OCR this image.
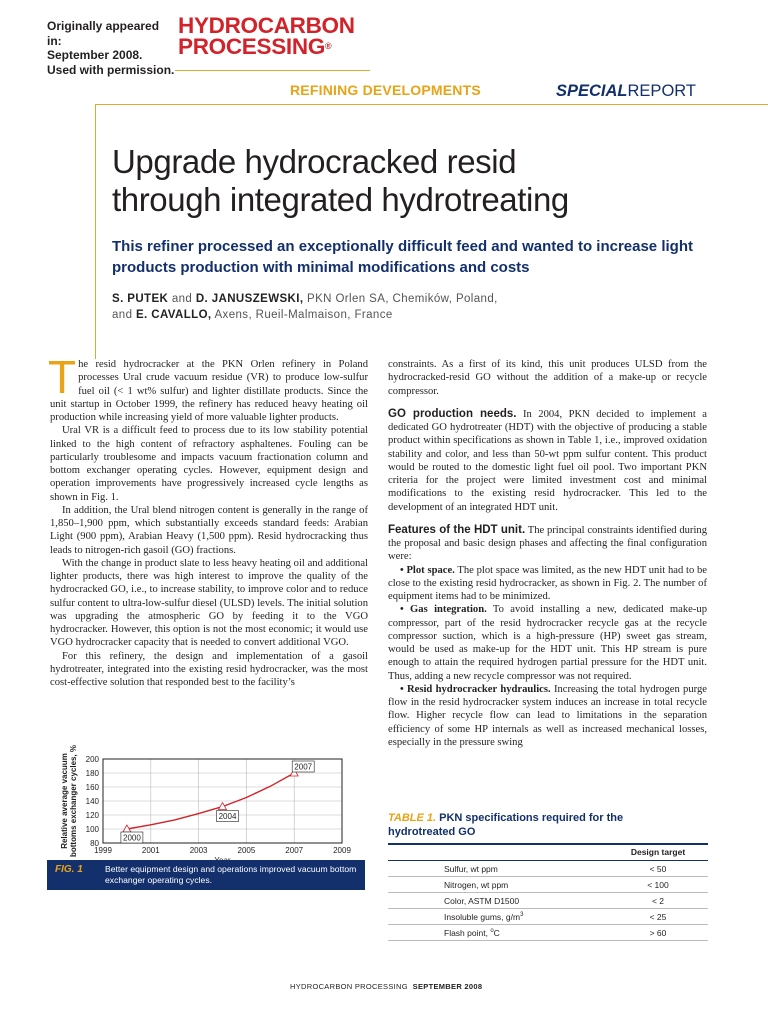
Originally appeared in:
September 2008.
Used with permission.
HYDROCARBON
PROCESSING®
REFINING DEVELOPMENTS	SPECIALREPORT
Upgrade hydrocracked resid
through integrated hydrotreating
This refiner processed an exceptionally difficult feed and wanted to increase light products production with minimal modifications and costs
S. PUTEK and D. JANUSZEWSKI, PKN Orlen SA, Chemików, Poland,
and E. CAVALLO, Axens, Rueil-Malmaison, France

The resid hydrocracker at the PKN Orlen refinery in Poland processes Ural crude vacuum residue (VR) to produce low-sulfur fuel oil (< 1 wt% sulfur) and lighter distillate products. Since the unit startup in October 1999, the refinery has reduced heavy heating oil production while increasing yield of more valuable lighter products.

Ural VR is a difficult feed to process due to its low stability potential linked to the high content of refractory asphaltenes. Fouling can be particularly troublesome and impacts vacuum fractionation column and bottom exchanger operating cycles. However, equipment design and operation improvements have progressively increased cycle lengths as shown in Fig. 1.

In addition, the Ural blend nitrogen content is generally in the range of 1,850–1,900 ppm, which substantially exceeds standard feeds: Arabian Light (900 ppm), Arabian Heavy (1,500 ppm). Resid hydrocracking thus leads to nitrogen-rich gasoil (GO) fractions.

With the change in product slate to less heavy heating oil and additional lighter products, there was high interest to improve the quality of the hydrocracked GO, i.e., to increase stability, to improve color and to reduce sulfur content to ultra-low-sulfur diesel (ULSD) levels. The initial solution was upgrading the atmospheric GO by feeding it to the VGO hydrocracker. However, this option is not the most economic; it would use VGO hydrocracker capacity that is needed to convert additional VGO.

For this refinery, the design and implementation of a gasoil hydrotreater, integrated into the existing resid hydrocracker, was the most cost-effective solution that responded best to the facility’s

constraints. As a first of its kind, this unit produces ULSD from the hydrocracked-resid GO without the addition of a make-up or recycle compressor.

GO production needs. In 2004, PKN decided to implement a dedicated GO hydrotreater (HDT) with the objective of producing a stable product within specifications as shown in Table 1, i.e., improved oxidation stability and color, and less than 50-wt ppm sulfur content. This product would be routed to the domestic light fuel oil pool. Two important PKN criteria for the project were limited investment cost and minimal modifications to the existing resid hydrocracker. This led to the development of an integrated HDT unit.

Features of the HDT unit. The principal constraints identified during the proposal and basic design phases and affecting the final configuration were:

• Plot space. The plot space was limited, as the new HDT unit had to be close to the existing resid hydrocracker, as shown in Fig. 2. The number of equipment items had to be minimized.

• Gas integration. To avoid installing a new, dedicated make-up compressor, part of the resid hydrocracker recycle gas at the recycle compressor suction, which is a high-pressure (HP) sweet gas stream, would be used as make-up for the HDT unit. This HP stream is pure enough to attain the required hydrogen partial pressure for the HDT unit. Thus, adding a new recycle compressor was not required.

• Resid hydrocracker hydraulics. Increasing the total hydrogen purge flow in the resid hydrocracker system induces an increase in total recycle flow. Higher recycle flow can lead to limitations in the separation efficiency of some HP internals as well as increased mechanical losses, especially in the pressure swing

80
100
120
140
160
180
200
1999	2001	2003	2005	2007	2009
Relative average vacuumbottoms exchanger cycles, %	2000
2004
2007
FIG. 1	Better equipment design and operations improved vacuum bottom exchanger operating cycles.
TABLE 1. PKN specifications required for the hydrotreated GO
	Design target
Sulfur, wt ppm	< 50
Nitrogen, wt ppm	< 100
Color, ASTM D1500	< 2
Insoluble gums, $g/m^3$	< 25
Flash point, $^o$C	> 60
HYDROCARBON PROCESSING SEPTEMBER 2008
